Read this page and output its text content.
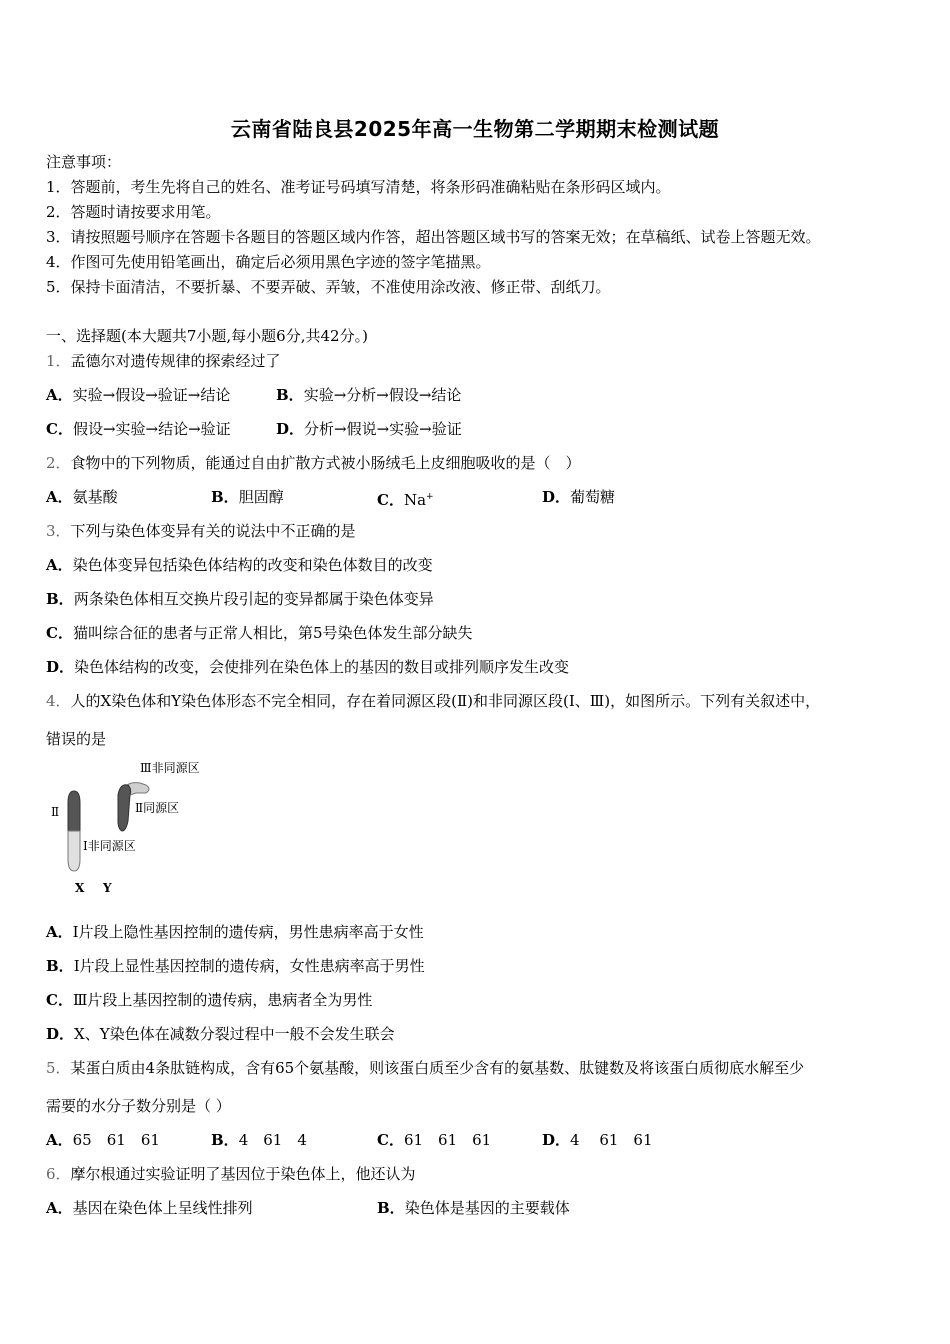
云南省陆良县2025年高一生物第二学期期末检测试题
注意事项：
1．答题前，考生先将自己的姓名、准考证号码填写清楚，将条形码准确粘贴在条形码区域内。
2．答题时请按要求用笔。
3．请按照题号顺序在答题卡各题目的答题区域内作答，超出答题区域书写的答案无效；在草稿纸、试卷上答题无效。
4．作图可先使用铅笔画出，确定后必须用黑色字迹的签字笔描黑。
5．保持卡面清洁，不要折暴、不要弄破、弄皱，不准使用涂改液、修正带、刮纸刀。
一、选择题(本大题共7小题,每小题6分,共42分。)
1．孟德尔对遗传规律的探索经过了
A．实验→假设→验证→结论	B．实验→分析→假设→结论
C．假设→实验→结论→验证	D．分析→假说→实验→验证
2．食物中的下列物质，能通过自由扩散方式被小肠绒毛上皮细胞吸收的是（　）
A．氨基酸	B．胆固醇	C．Na+	D．葡萄糖
3．下列与染色体变异有关的说法中不正确的是
A．染色体变异包括染色体结构的改变和染色体数目的改变
B．两条染色体相互交换片段引起的变异都属于染色体变异
C．猫叫综合征的患者与正常人相比，第5号染色体发生部分缺失
D．染色体结构的改变，会使排列在染色体上的基因的数目或排列顺序发生改变
4．人的X染色体和Y染色体形态不完全相同，存在着同源区段(Ⅱ)和非同源区段(Ⅰ、Ⅲ)，如图所示。下列有关叙述中，
错误的是
Ⅲ非同源区
Ⅱ同源区
Ⅱ
Ⅰ非同源区
X Y
A．Ⅰ片段上隐性基因控制的遗传病，男性患病率高于女性
B．Ⅰ片段上显性基因控制的遗传病，女性患病率高于男性
C．Ⅲ片段上基因控制的遗传病，患病者全为男性
D．X、Y染色体在减数分裂过程中一般不会发生联会
5．某蛋白质由4条肽链构成，含有65个氨基酸，则该蛋白质至少含有的氨基数、肽键数及将该蛋白质彻底水解至少
需要的水分子数分别是（ ）
A．65　61　61	B．4　61　4	C．61　61　61	D．4　 61　61
6．摩尔根通过实验证明了基因位于染色体上，他还认为
A．基因在染色体上呈线性排列	B．染色体是基因的主要载体
